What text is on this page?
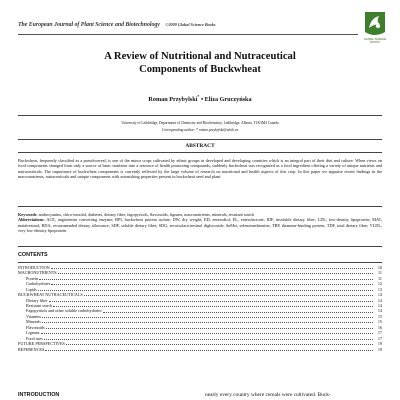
The European Journal of Plant Science and Biotechnology ©2009 Global Science Books
GLOBAL SCIENCE BOOKS
A Review of Nutritional and Nutraceutical
Components of Buckwheat
Roman Przybylski* • Eliza Gruczyńska
University of Lethbridge, Department of Chemistry and Biochemistry, Lethbridge, Alberta, T1K3M4 Canada
Corresponding author: * roman.przybylski@uleth.ca
ABSTRACT
Buckwheat, frequently classified as a pseudocereal, is one of the minor crops cultivated by ethnic groups in developed and developing countries which is an integral part of their diet and culture. When views on food components changed from only a source of basic nutrients into a resource of health promoting compounds, suddenly buckwheat was recognized as a food ingredient offering a variety of unique nutrients and nutraceuticals. The importance of buckwheat components is currently reflected by the large volume of research on nutritional and health aspects of this crop. In this paper we appraise recent findings in the macronutrients, nutraceuticals and unique components with astonishing properties present in buckwheat seed and plant.
Keywords: anthocyanins, chiro-inositol, diabetes, dietary fiber, fagopyritols, flavonoids, lignans, macronutrients, minerals, resistant starch
Abbreviations: ACE, angiotensin converting enzyme; BPI, buckwheat protein isolate; DW, dry weight; ED, enterodiol; EL, enterolactone; IDF, insoluble dietary fiber; LDL, low-density lipoprotein; MAT, matairesinol; RDA, recommended dietary allowance; SDF, soluble dietary fiber; SDG, secoisolariciresinol diglucoside; SeMet, selenomethionine; TBP, thiamine-binding protein; TDF, total dietary fibre; VLDL, very low-density lipoprotein
CONTENTS
INTRODUCTION	10
MACRONUTRIENTS	11
Protein	11
Carbohydrates	12
Lipids	13
BUCKWHEAT NUTRACEUTICALS	14
Dietary fiber	14
Resistant starch	14
Fagopyritols and other soluble carbohydrates	14
Vitamins	15
Minerals	15
Flavonoids	16
Lignans	17
Food uses	17
FUTURE PERSPECTIVES	19
REFERENCES	19
INTRODUCTION	nearly every country where cereals were cultivated. Buck-
